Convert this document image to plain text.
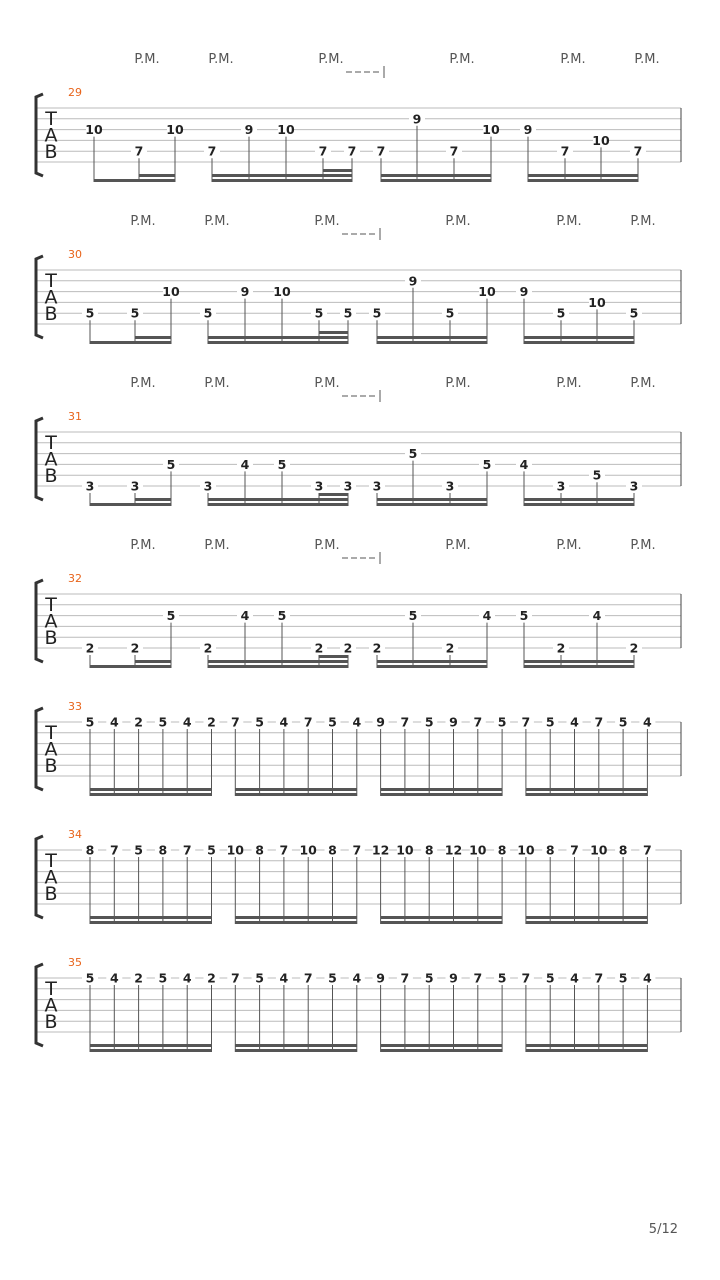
T
A
B
29
P.M.	P.M.	P.M.	P.M.	P.M.	P.M.
10
7
10
7
9 10
7 7 7
9
7
10 9
7
10
7
T
A
B
30
P.M.	P.M.	P.M.	P.M.	P.M.	P.M.
5	5
10
5
9 10
5 5 5
9
5
10 9
5
10
5
T
A
B
31
P.M.	P.M.	P.M.	P.M.	P.M.	P.M.
3	3
5
3
4 5
3 3 3
5
3
5 4
3
5
3
T
A
B
32
P.M.	P.M.	P.M.	P.M.	P.M.	P.M.
2	2
5
2
4 5
2 2 2
5
2
4 5
2
4
2
T
A
B
33
5 4 2 5 4 2 7 5 4 7 5 4 9 7 5 9 7 5 7 5 4 7 5 4
T
A
B
34
8 7 5 8 7 5 10 8 7 10 8 7 12 10 8 12 10 8 10 8 7 10 8 7
T
A
B
35
5 4 2 5 4 2 7 5 4 7 5 4 9 7 5 9 7 5 7 5 4 7 5 4
5/12
